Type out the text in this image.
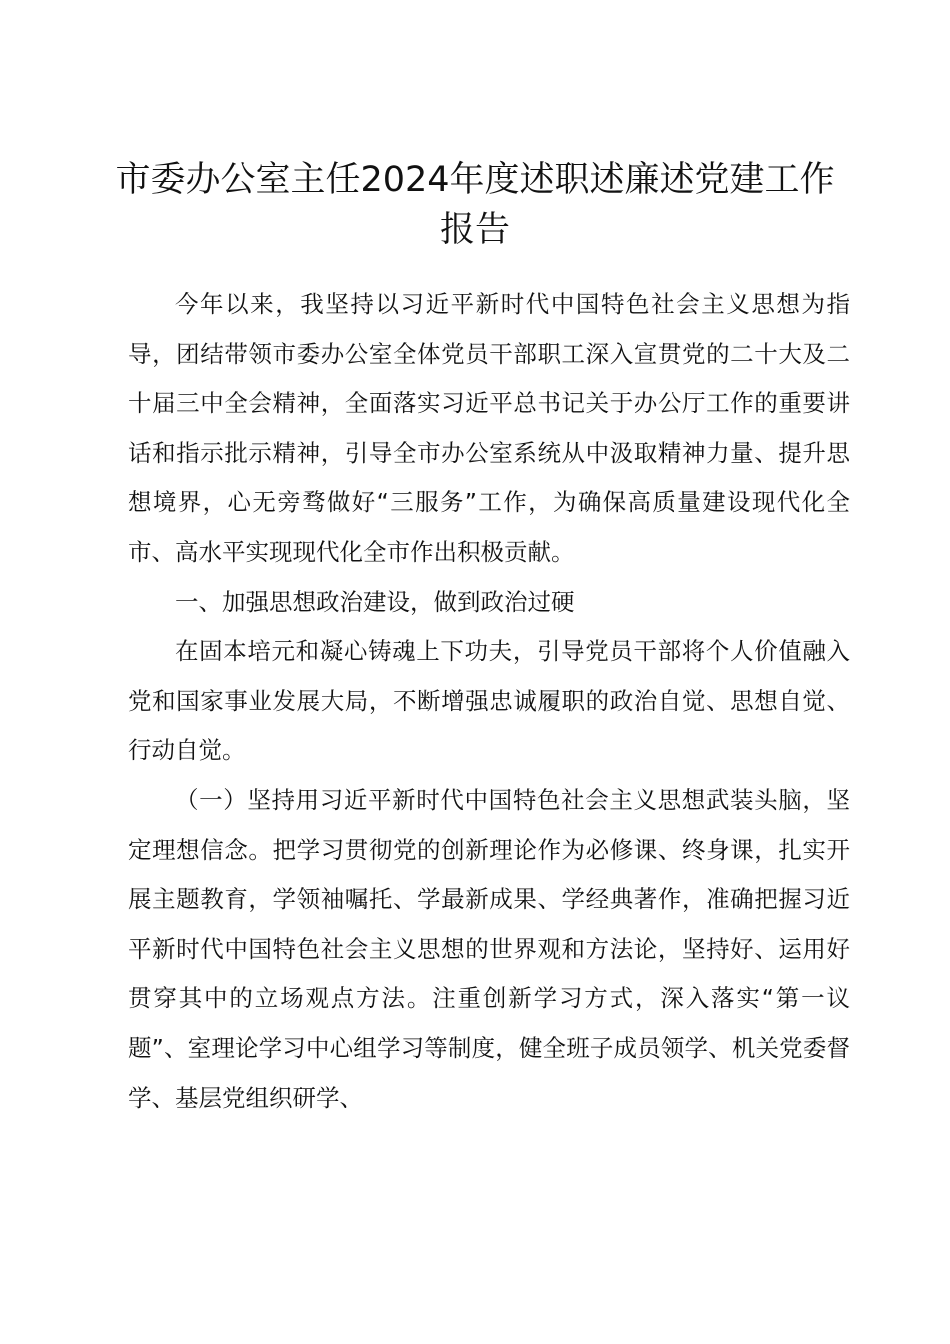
市委办公室主任2024年度述职述廉述党建工作报告

今年以来，我坚持以习近平新时代中国特色社会主义思想为指导，团结带领市委办公室全体党员干部职工深入宣贯党的二十大及二十届三中全会精神，全面落实习近平总书记关于办公厅工作的重要讲话和指示批示精神，引导全市办公室系统从中汲取精神力量、提升思想境界，心无旁骛做好“三服务”工作，为确保高质量建设现代化全市、高水平实现现代化全市作出积极贡献。

一、加强思想政治建设，做到政治过硬

在固本培元和凝心铸魂上下功夫，引导党员干部将个人价值融入党和国家事业发展大局，不断增强忠诚履职的政治自觉、思想自觉、行动自觉。

（一）坚持用习近平新时代中国特色社会主义思想武装头脑，坚定理想信念。把学习贯彻党的创新理论作为必修课、终身课，扎实开展主题教育，学领袖嘱托、学最新成果、学经典著作，准确把握习近平新时代中国特色社会主义思想的世界观和方法论，坚持好、运用好贯穿其中的立场观点方法。注重创新学习方式，深入落实“第一议题”、室理论学习中心组学习等制度，健全班子成员领学、机关党委督学、基层党组织研学、
